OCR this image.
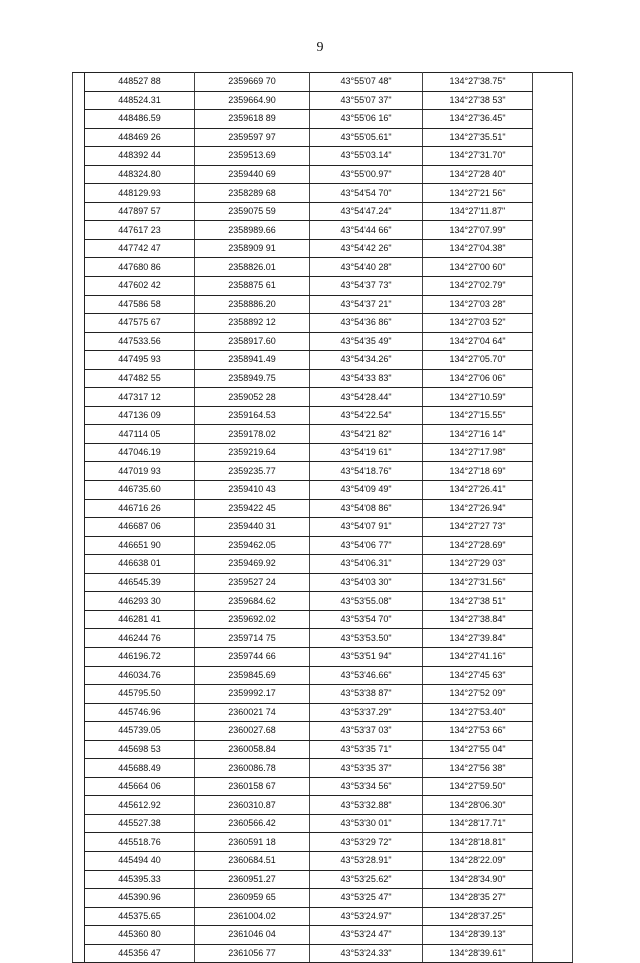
9
	448527 88	2359669 70	43°55'07 48"	134°27'38.75"	
	448524.31	2359664.90	43°55'07 37"	134°27'38 53"	
	448486.59	2359618 89	43°55'06 16"	134°27'36.45"	
	448469 26	2359597 97	43°55'05.61"	134°27'35.51"	
	448392 44	2359513.69	43°55'03.14"	134°27'31.70"	
	448324.80	2359440 69	43°55'00.97"	134°27'28 40"	
	448129.93	2358289 68	43°54'54 70"	134°27'21 56"	
	447897 57	2359075 59	43°54'47.24"	134°27'11.87"	
	447617 23	2358989.66	43°54'44 66"	134°27'07.99"	
	447742 47	2358909 91	43°54'42 26"	134°27'04.38"	
	447680 86	2358826.01	43°54'40 28"	134°27'00 60"	
	447602 42	2358875 61	43°54'37 73"	134°27'02.79"	
	447586 58	2358886.20	43°54'37 21"	134°27'03 28"	
	447575 67	2358892 12	43°54'36 86"	134°27'03 52"	
	447533.56	2358917.60	43°54'35 49"	134°27'04 64"	
	447495 93	2358941.49	43°54'34.26"	134°27'05.70"	
	447482 55	2358949.75	43°54'33 83"	134°27'06 06"	
	447317 12	2359052 28	43°54'28.44"	134°27'10.59"	
	447136 09	2359164.53	43°54'22.54"	134°27'15.55"	
	447114 05	2359178.02	43°54'21 82"	134°27'16 14"	
	447046.19	2359219.64	43°54'19 61"	134°27'17.98"	
	447019 93	2359235.77	43°54'18.76"	134°27'18 69"	
	446735.60	2359410 43	43°54'09 49"	134°27'26.41"	
	446716 26	2359422 45	43°54'08 86"	134°27'26.94"	
	446687 06	2359440 31	43°54'07 91"	134°27'27 73"	
	446651 90	2359462.05	43°54'06 77"	134°27'28.69"	
	446638 01	2359469.92	43°54'06.31"	134°27'29 03"	
	446545.39	2359527 24	43°54'03 30"	134°27'31.56"	
	446293 30	2359684.62	43°53'55.08"	134°27'38 51"	
	446281 41	2359692.02	43°53'54 70"	134°27'38.84"	
	446244 76	2359714 75	43°53'53.50"	134°27'39.84"	
	446196.72	2359744 66	43°53'51 94"	134°27'41.16"	
	446034.76	2359845.69	43°53'46.66"	134°27'45 63"	
	445795.50	2359992.17	43°53'38 87"	134°27'52 09"	
	445746.96	2360021 74	43°53'37.29"	134°27'53.40"	
	445739.05	2360027.68	43°53'37 03"	134°27'53 66"	
	445698 53	2360058.84	43°53'35 71"	134°27'55 04"	
	445688.49	2360086.78	43°53'35 37"	134°27'56 38"	
	445664 06	2360158 67	43°53'34 56"	134°27'59.50"	
	445612.92	2360310.87	43°53'32.88"	134°28'06.30"	
	445527.38	2360566.42	43°53'30 01"	134°28'17.71"	
	445518.76	2360591 18	43°53'29 72"	134°28'18.81"	
	445494 40	2360684.51	43°53'28.91"	134°28'22.09"	
	445395.33	2360951.27	43°53'25.62"	134°28'34.90"	
	445390.96	2360959 65	43°53'25 47"	134°28'35 27"	
	445375.65	2361004.02	43°53'24.97"	134°28'37.25"	
	445360 80	2361046 04	43°53'24 47"	134°28'39.13"	
	445356 47	2361056 77	43°53'24.33"	134°28'39.61"	
